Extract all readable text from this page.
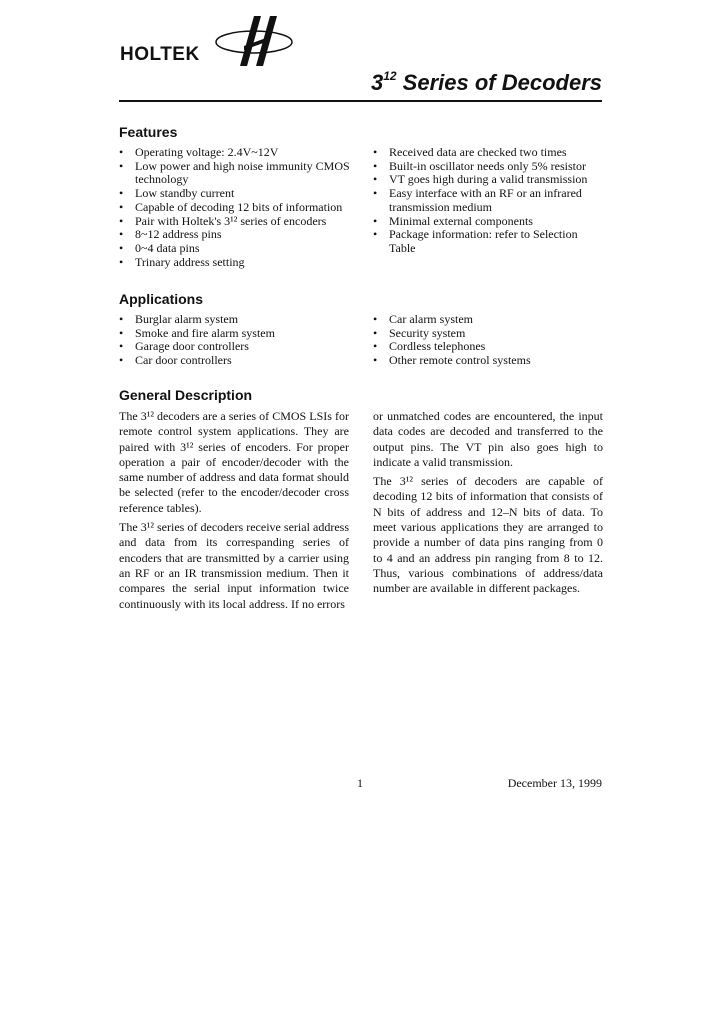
HOLTEK
$3^{12}$ Series of Decoders
Features
• Operating voltage: 2.4V~12V
• Low power and high noise immunity CMOS
technology
• Low standby current
• Capable of decoding 12 bits of information
• Pair with Holtek's 3¹² series of encoders
• 8~12 address pins
• 0~4 data pins
• Trinary address setting
• Received data are checked two times
• Built-in oscillator needs only 5% resistor
• VT goes high during a valid transmission
• Easy interface with an RF or an infrared
transmission medium
• Minimal external components
• Package information: refer to Selection
Table
Applications
• Burglar alarm system
• Smoke and fire alarm system
• Garage door controllers
• Car door controllers
• Car alarm system
• Security system
• Cordless telephones
• Other remote control systems
General Description

The 3¹² decoders are a series of CMOS LSIs for remote control system applications. They are paired with 3¹² series of encoders. For proper operation a pair of encoder/decoder with the same number of address and data format should be selected (refer to the encoder/decoder cross reference tables).

The 3¹² series of decoders receive serial address and data from its correspanding series of encoders that are transmitted by a carrier using an RF or an IR transmission medium. Then it compares the serial input information twice continuously with its local address. If no errors

or unmatched codes are encountered, the input data codes are decoded and transferred to the output pins. The VT pin also goes high to indicate a valid transmission.

The 3¹² series of decoders are capable of decoding 12 bits of information that consists of N bits of address and 12–N bits of data. To meet various applications they are arranged to provide a number of data pins ranging from 0 to 4 and an address pin ranging from 8 to 12. Thus, various combinations of address/data number are available in different packages.

1	December 13, 1999
